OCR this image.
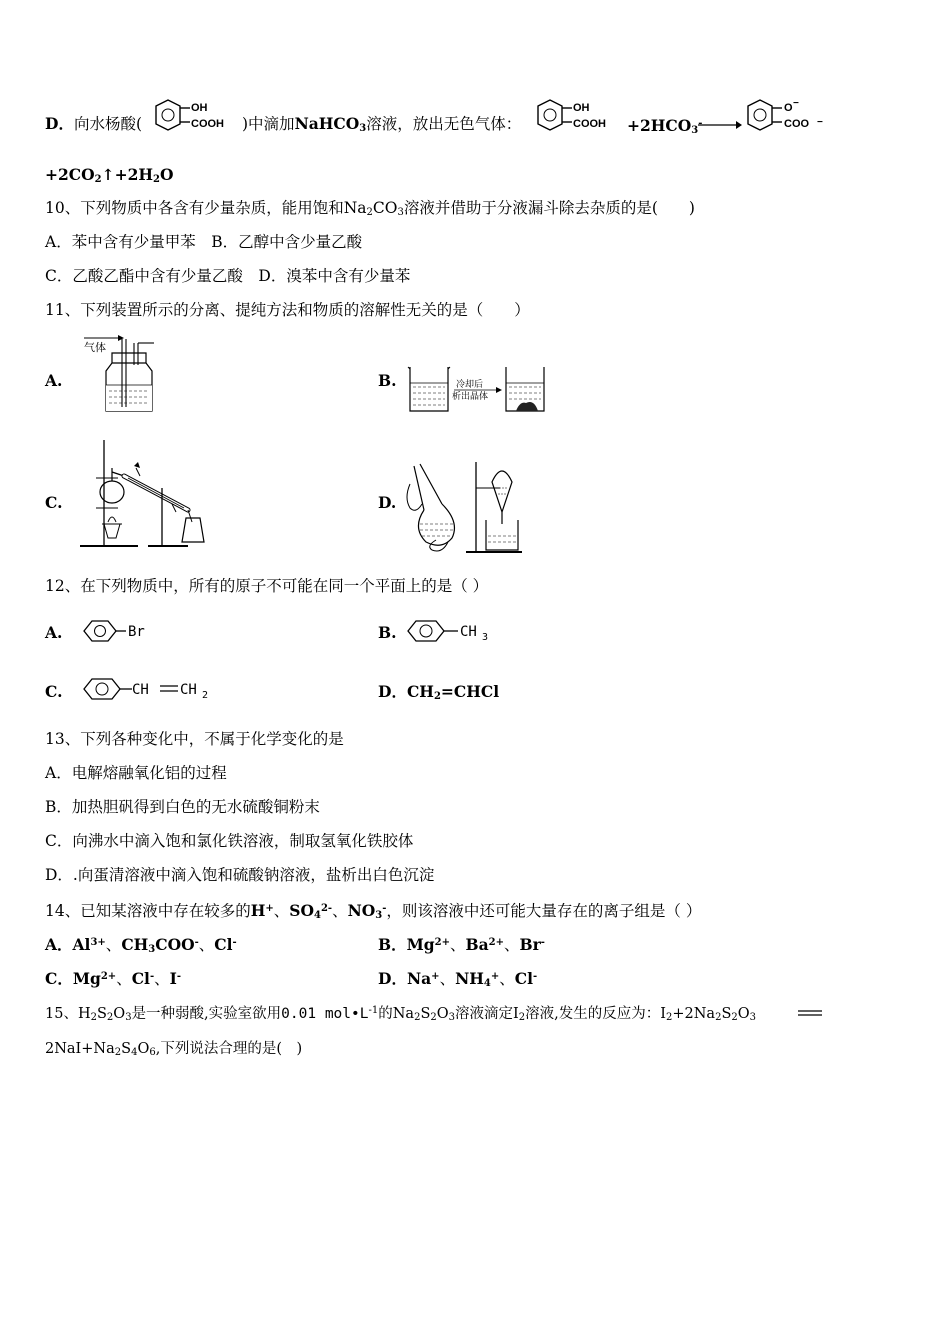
D．向水杨酸(
OH
COOH )中滴加NaHCO$_3$溶液，放出无色气体：
OH
COOH $+2HCO_3^-$
O −
COO −
$+2CO_2↑+2H_2O$
10、下列物质中各含有少量杂质，能用饱和$Na_2CO_3$溶液并借助于分液漏斗除去杂质的是(　　)
A．苯中含有少量甲苯　 B．乙醇中含少量乙酸
C．乙酸乙酯中含有少量乙酸　 D．溴苯中含有少量苯
11、下列装置所示的分离、提纯方法和物质的溶解性无关的是（　　）
A.	B.
C.	D.
气体
冷却后
析出晶体
12、在下列物质中，所有的原子不可能在同一个平面上的是（ ）
A.	B.
C.
Br	CH 3
CH CH 2	D．$CH_2=CHCl$
13、下列各种变化中，不属于化学变化的是
A．电解熔融氧化铝的过程
B．加热胆矾得到白色的无水硫酸铜粉末
C．向沸水中滴入饱和氯化铁溶液，制取氢氧化铁胶体
D．.向蛋清溶液中滴入饱和硫酸钠溶液，盐析出白色沉淀
14、已知某溶液中存在较多的H+、$SO_4^{2-}$、$NO_3^-$，则该溶液中还可能大量存在的离子组是（ ）
A．$Al^{3+}$、$CH_3COO^-$、Cl-	B．$Mg^{2+}$、$Ba^{2+}$、Br-
C．$Mg^{2+}$、Cl-、I-	D．Na+、$NH_4^+$、Cl-
15、$H_2S_2O_3$是一种弱酸,实验室欲用0.01 $mol•L^{-1}$的$Na_2S_2O_3$溶液滴定$I_2$溶液,发生的反应为：$I_2+2Na_2S_2O_3$
$2NaI+Na_2S_4O_6$,下列说法合理的是(　)
